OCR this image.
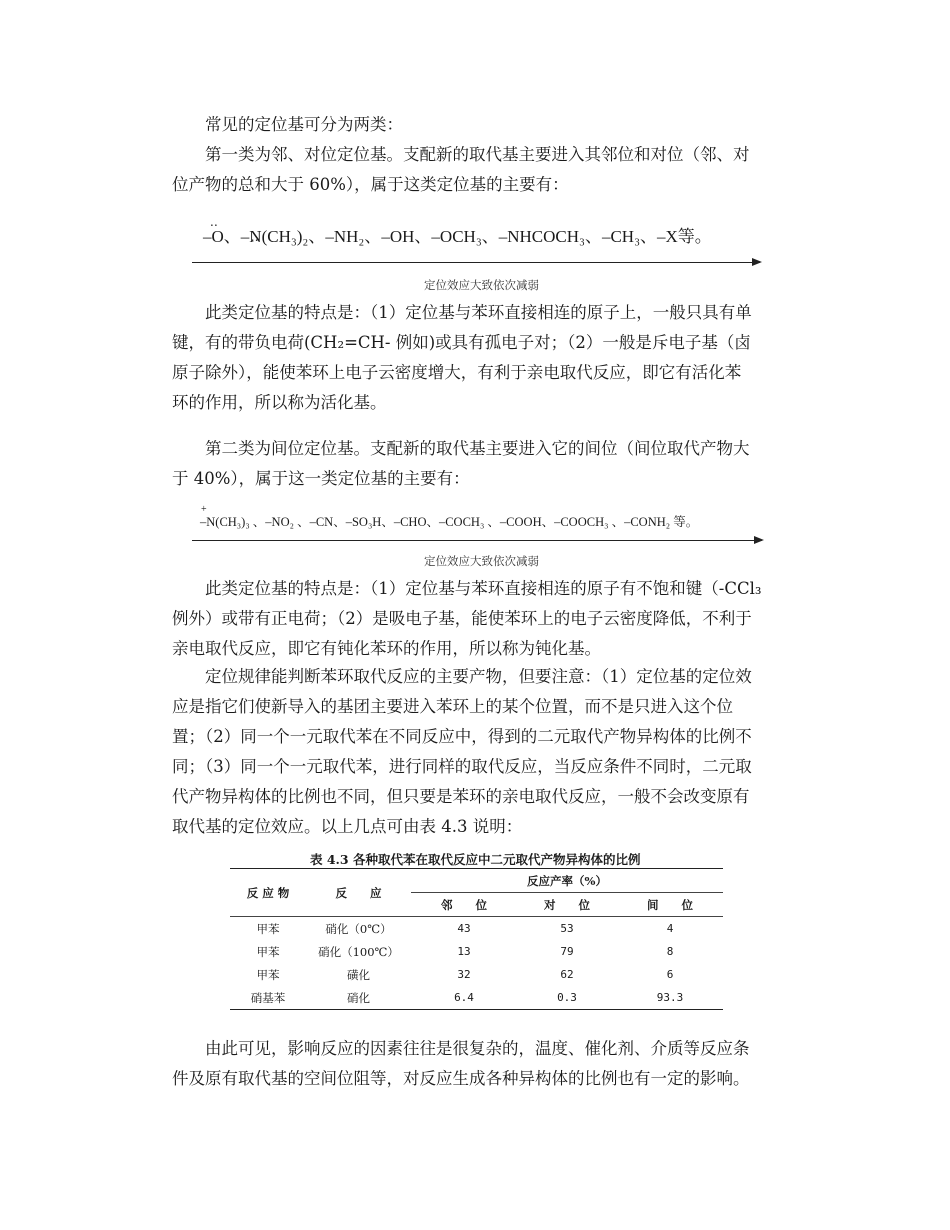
常见的定位基可分为两类：
第一类为邻、对位定位基。支配新的取代基主要进入其邻位和对位（邻、对
位产物的总和大于 60%），属于这类定位基的主要有：
‥ –O、–N(CH₃)₂、–NH₂、–OH、–OCH₃、–NHCOCH₃、–CH₃、–X等。
定位效应大致依次减弱
此类定位基的特点是：（1）定位基与苯环直接相连的原子上，一般只具有单
键，有的带负电荷(CH₂=CH- 例如)或具有孤电子对；（2）一般是斥电子基（卤
原子除外），能使苯环上电子云密度增大，有利于亲电取代反应，即它有活化苯
环的作用，所以称为活化基。
第二类为间位定位基。支配新的取代基主要进入它的间位（间位取代产物大
于 40%），属于这一类定位基的主要有：
+ –N(CH₃)₃ 、–NO₂ 、–CN、–SO₃H、–CHO、–COCH₃ 、–COOH、–COOCH₃ 、–CONH₂ 等。
定位效应大致依次减弱
此类定位基的特点是：（1）定位基与苯环直接相连的原子有不饱和键（-CCl₃
例外）或带有正电荷；（2）是吸电子基，能使苯环上的电子云密度降低，不利于
亲电取代反应，即它有钝化苯环的作用，所以称为钝化基。
定位规律能判断苯环取代反应的主要产物，但要注意：（1）定位基的定位效
应是指它们使新导入的基团主要进入苯环上的某个位置，而不是只进入这个位
置；（2）同一个一元取代苯在不同反应中，得到的二元取代产物异构体的比例不
同；（3）同一个一元取代苯，进行同样的取代反应，当反应条件不同时，二元取
代产物异构体的比例也不同，但只要是苯环的亲电取代反应，一般不会改变原有
取代基的定位效应。以上几点可由表 4.3 说明：
表 4.3 各种取代苯在取代反应中二元取代产物异构体的比例
反 应 物	反　　应	反应产率（%）		
		邻　　位	对　　位	间　　位
甲苯	硝化（0℃）	43	53	4
甲苯	硝化（100℃）	13	79	8
甲苯	磺化	32	62	6
硝基苯	硝化	6.4	0.3	93.3
由此可见，影响反应的因素往往是很复杂的，温度、催化剂、介质等反应条
件及原有取代基的空间位阻等，对反应生成各种异构体的比例也有一定的影响。
